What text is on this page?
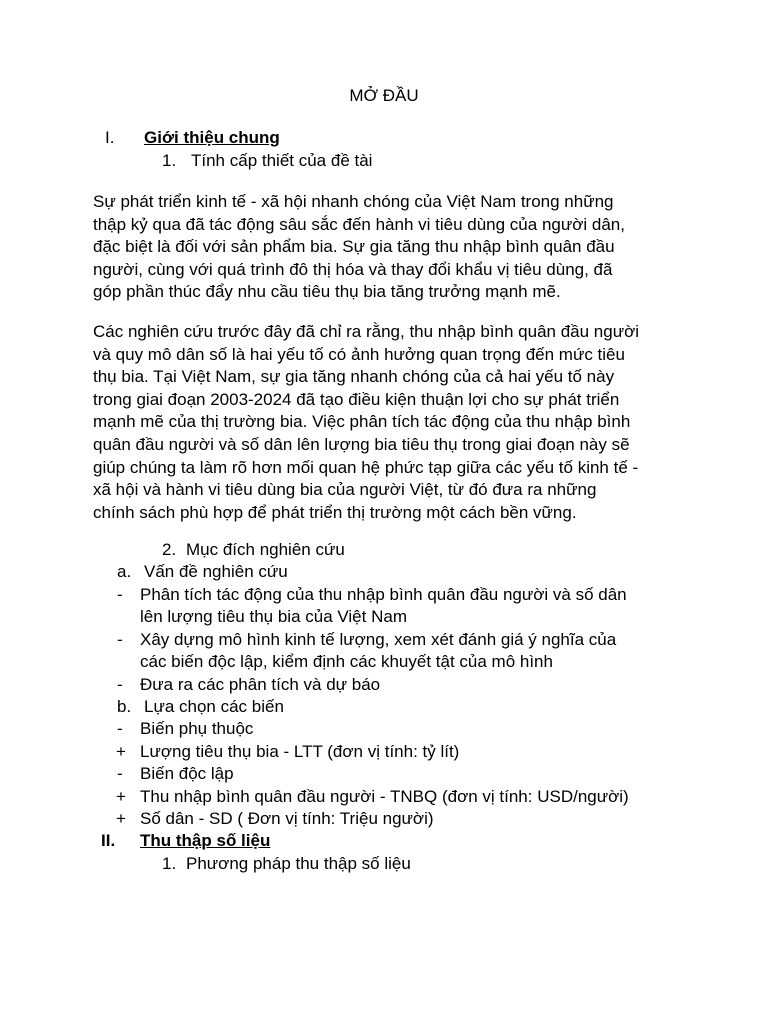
MỞ ĐẦU
I. Giới thiệu chung
1. Tính cấp thiết của đề tài
Sự phát triển kinh tế - xã hội nhanh chóng của Việt Nam trong những
thập kỷ qua đã tác động sâu sắc đến hành vi tiêu dùng của người dân,
đặc biệt là đối với sản phẩm bia. Sự gia tăng thu nhập bình quân đầu
người, cùng với quá trình đô thị hóa và thay đổi khẩu vị tiêu dùng, đã
góp phần thúc đẩy nhu cầu tiêu thụ bia tăng trưởng mạnh mẽ.
Các nghiên cứu trước đây đã chỉ ra rằng, thu nhập bình quân đầu người
và quy mô dân số là hai yếu tố có ảnh hưởng quan trọng đến mức tiêu
thụ bia. Tại Việt Nam, sự gia tăng nhanh chóng của cả hai yếu tố này
trong giai đoạn 2003-2024 đã tạo điều kiện thuận lợi cho sự phát triển
mạnh mẽ của thị trường bia. Việc phân tích tác động của thu nhập bình
quân đầu người và số dân lên lượng bia tiêu thụ trong giai đoạn này sẽ
giúp chúng ta làm rõ hơn mối quan hệ phức tạp giữa các yếu tố kinh tế -
xã hội và hành vi tiêu dùng bia của người Việt, từ đó đưa ra những
chính sách phù hợp để phát triển thị trường một cách bền vững.
2. Mục đích nghiên cứu
a. Vấn đề nghiên cứu
- Phân tích tác động của thu nhập bình quân đầu người và số dân
lên lượng tiêu thụ bia của Việt Nam
- Xây dựng mô hình kinh tế lượng, xem xét đánh giá ý nghĩa của
các biến độc lập, kiểm định các khuyết tật của mô hình
- Đưa ra các phân tích và dự báo
b. Lựa chọn các biến
- Biến phụ thuộc
+ Lượng tiêu thụ bia - LTT (đơn vị tính: tỷ lít)
- Biến độc lập
+ Thu nhập bình quân đầu người - TNBQ (đơn vị tính: USD/người)
+ Số dân - SD ( Đơn vị tính: Triệu người)
II. Thu thập số liệu
1. Phương pháp thu thập số liệu
